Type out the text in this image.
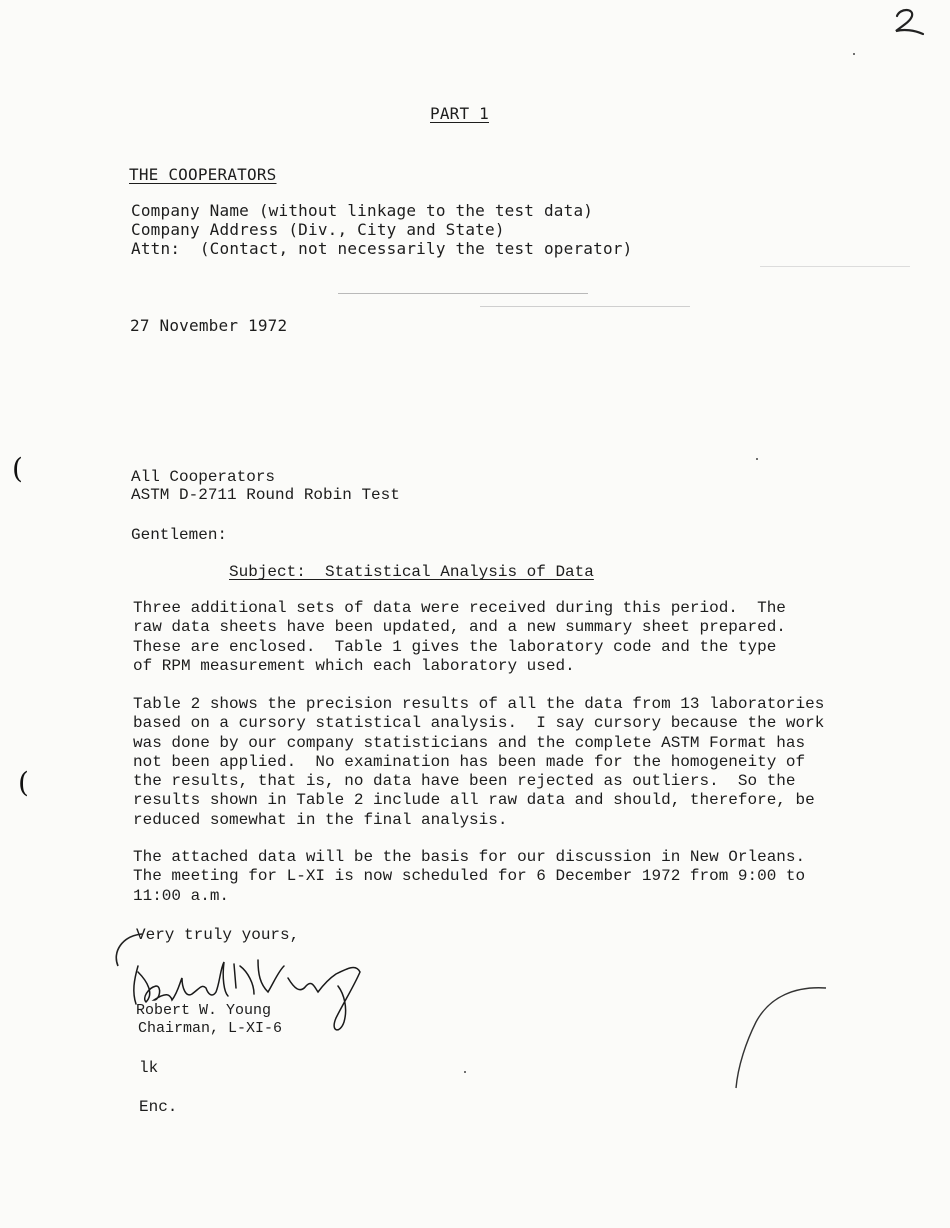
PART 1
THE COOPERATORS
Company Name (without linkage to the test data)
Company Address (Div., City and State)
Attn:  (Contact, not necessarily the test operator)
27 November 1972
(
(
All Cooperators
ASTM D-2711 Round Robin Test
Gentlemen:
Subject:  Statistical Analysis of Data
Three additional sets of data were received during this period.  The
raw data sheets have been updated, and a new summary sheet prepared.
These are enclosed.  Table 1 gives the laboratory code and the type
of RPM measurement which each laboratory used.
Table 2 shows the precision results of all the data from 13 laboratories
based on a cursory statistical analysis.  I say cursory because the work
was done by our company statisticians and the complete ASTM Format has
not been applied.  No examination has been made for the homogeneity of
the results, that is, no data have been rejected as outliers.  So the
results shown in Table 2 include all raw data and should, therefore, be
reduced somewhat in the final analysis.
The attached data will be the basis for our discussion in New Orleans.
The meeting for L-XI is now scheduled for 6 December 1972 from 9:00 to
11:00 a.m.
Very truly yours,
Robert W. Young
Chairman, L-XI-6
lk
Enc.
